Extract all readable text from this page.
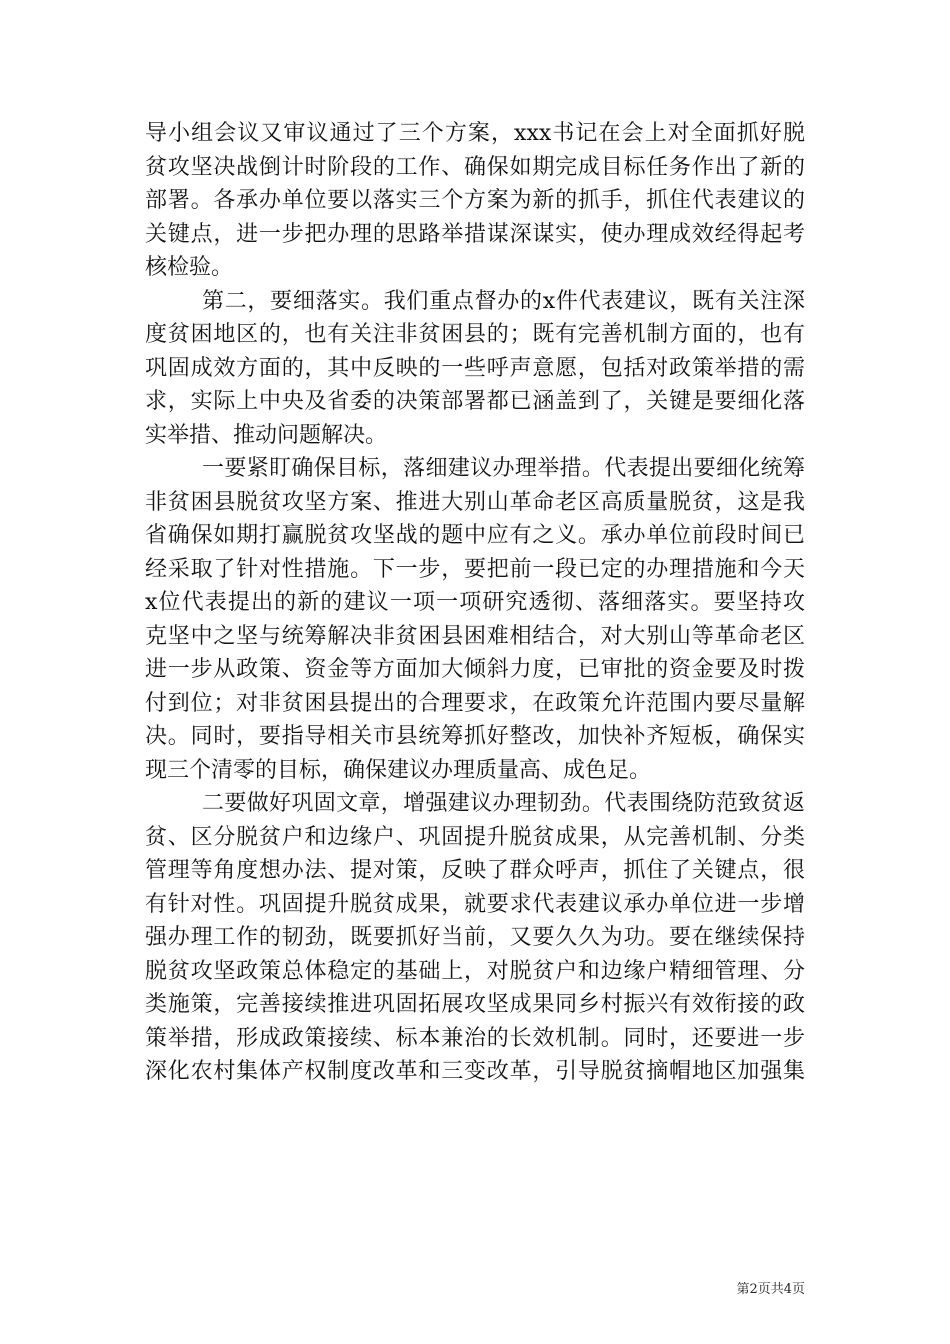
导小组会议又审议通过了三个方案，xxx书记在会上对全面抓好脱
贫攻坚决战倒计时阶段的工作、确保如期完成目标任务作出了新的
部署。各承办单位要以落实三个方案为新的抓手，抓住代表建议的
关键点，进一步把办理的思路举措谋深谋实，使办理成效经得起考
核检验。
第二，要细落实。我们重点督办的x件代表建议，既有关注深
度贫困地区的，也有关注非贫困县的；既有完善机制方面的，也有
巩固成效方面的，其中反映的一些呼声意愿，包括对政策举措的需
求，实际上中央及省委的决策部署都已涵盖到了，关键是要细化落
实举措、推动问题解决。
一要紧盯确保目标，落细建议办理举措。代表提出要细化统筹
非贫困县脱贫攻坚方案、推进大别山革命老区高质量脱贫，这是我
省确保如期打赢脱贫攻坚战的题中应有之义。承办单位前段时间已
经采取了针对性措施。下一步，要把前一段已定的办理措施和今天
x位代表提出的新的建议一项一项研究透彻、落细落实。要坚持攻
克坚中之坚与统筹解决非贫困县困难相结合，对大别山等革命老区
进一步从政策、资金等方面加大倾斜力度，已审批的资金要及时拨
付到位；对非贫困县提出的合理要求，在政策允许范围内要尽量解
决。同时，要指导相关市县统筹抓好整改，加快补齐短板，确保实
现三个清零的目标，确保建议办理质量高、成色足。
二要做好巩固文章，增强建议办理韧劲。代表围绕防范致贫返
贫、区分脱贫户和边缘户、巩固提升脱贫成果，从完善机制、分类
管理等角度想办法、提对策，反映了群众呼声，抓住了关键点，很
有针对性。巩固提升脱贫成果，就要求代表建议承办单位进一步增
强办理工作的韧劲，既要抓好当前，又要久久为功。要在继续保持
脱贫攻坚政策总体稳定的基础上，对脱贫户和边缘户精细管理、分
类施策，完善接续推进巩固拓展攻坚成果同乡村振兴有效衔接的政
策举措，形成政策接续、标本兼治的长效机制。同时，还要进一步
深化农村集体产权制度改革和三变改革，引导脱贫摘帽地区加强集
第2页共4页
